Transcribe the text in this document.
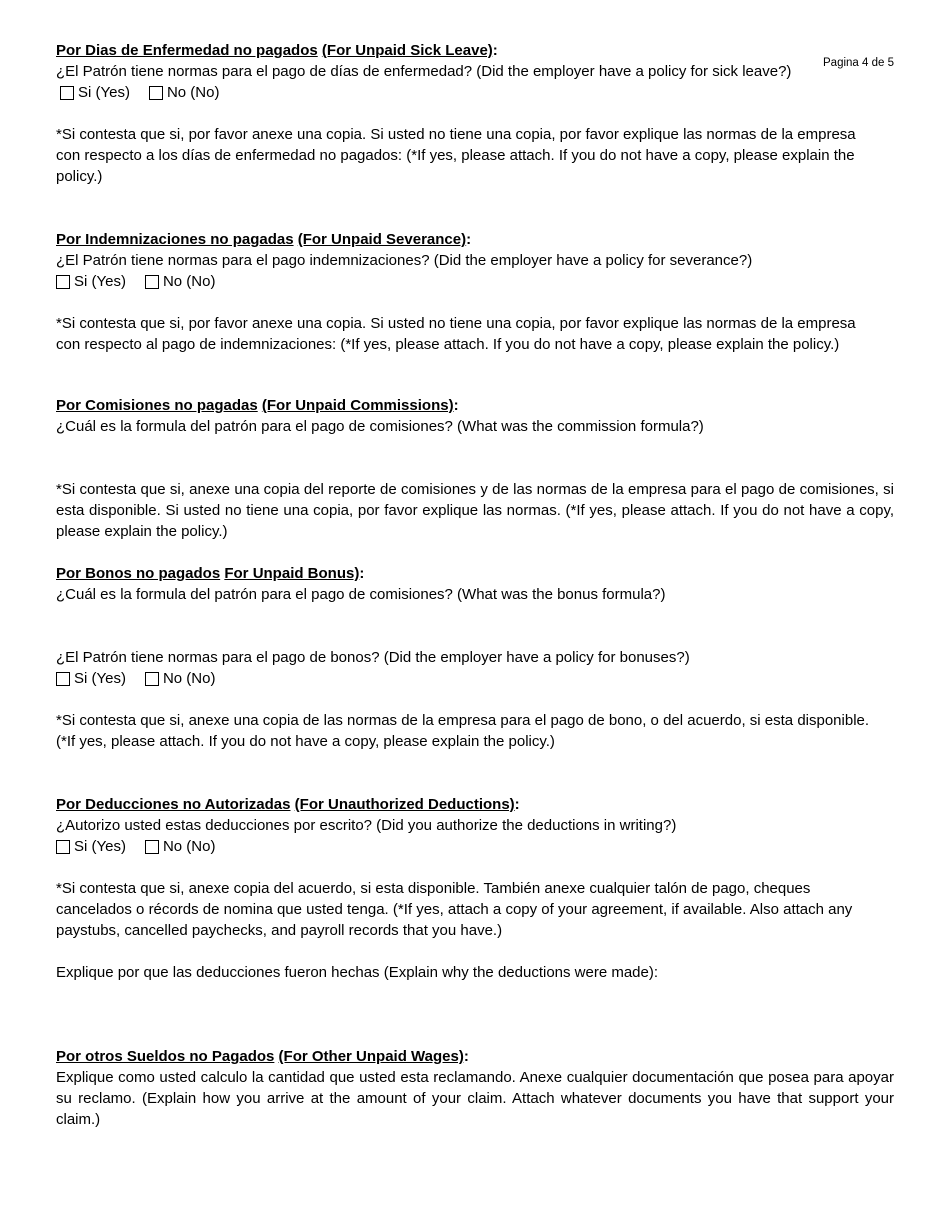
Pagina 4 de 5
Por Dias de Enfermedad no pagados (For Unpaid Sick Leave):
¿El Patrón tiene normas para el pago de días de enfermedad? (Did the employer have a policy for sick leave?)
Si (Yes) No (No)
*Si contesta que si, por favor anexe una copia. Si usted no tiene una copia, por favor explique las normas de la empresa
con respecto a los días de enfermedad no pagados: (*If yes, please attach. If you do not have a copy, please explain the
policy.)
Por Indemnizaciones no pagadas (For Unpaid Severance):
¿El Patrón tiene normas para el pago indemnizaciones? (Did the employer have a policy for severance?)
Si (Yes) No (No)
*Si contesta que si, por favor anexe una copia. Si usted no tiene una copia, por favor explique las normas de la empresa
con respecto al pago de indemnizaciones: (*If yes, please attach. If you do not have a copy, please explain the policy.)
Por Comisiones no pagadas (For Unpaid Commissions):
¿Cuál es la formula del patrón para el pago de comisiones? (What was the commission formula?)
*Si contesta que si, anexe una copia del reporte de comisiones y de las normas de la empresa para el pago de comisiones, si esta disponible. Si usted no tiene una copia, por favor explique las normas. (*If yes, please attach. If you do not have a copy, please explain the policy.)
Por Bonos no pagados For Unpaid Bonus):
¿Cuál es la formula del patrón para el pago de comisiones? (What was the bonus formula?)
¿El Patrón tiene normas para el pago de bonos? (Did the employer have a policy for bonuses?)
Si (Yes) No (No)
*Si contesta que si, anexe una copia de las normas de la empresa para el pago de bono, o del acuerdo, si esta disponible.
(*If yes, please attach. If you do not have a copy, please explain the policy.)
Por Deducciones no Autorizadas (For Unauthorized Deductions):
¿Autorizo usted estas deducciones por escrito? (Did you authorize the deductions in writing?)
Si (Yes) No (No)
*Si contesta que si, anexe copia del acuerdo, si esta disponible. También anexe cualquier talón de pago, cheques
cancelados o récords de nomina que usted tenga. (*If yes, attach a copy of your agreement, if available. Also attach any
paystubs, cancelled paychecks, and payroll records that you have.)
Explique por que las deducciones fueron hechas (Explain why the deductions were made):
Por otros Sueldos no Pagados (For Other Unpaid Wages):
Explique como usted calculo la cantidad que usted esta reclamando. Anexe cualquier documentación que posea para apoyar su reclamo. (Explain how you arrive at the amount of your claim. Attach whatever documents you have that support your claim.)
